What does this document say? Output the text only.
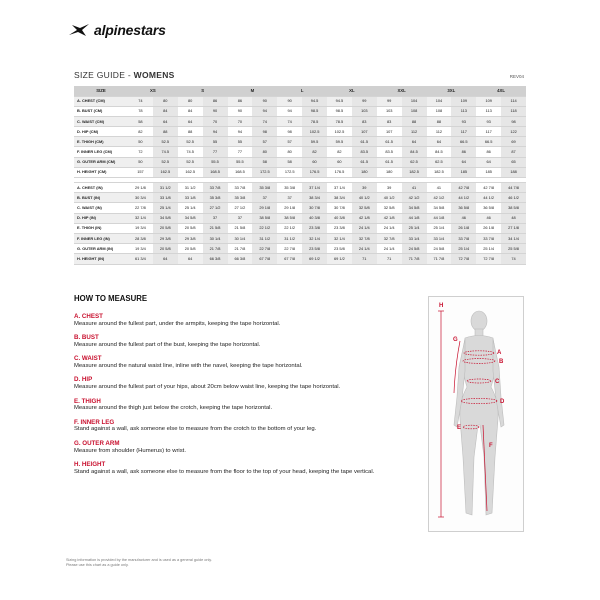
alpinestars
SIZE GUIDE - WOMENS	REV04
SIZE	XS		S		M		L		XL		XXL		3XL		4XL	
A. CHEST (CM)	74	80	80	86	86	90	90	94.5	94.5	99	99	104	104	109	109	114
B. BUST (CM)	78	84	84	90	90	94	94	98.5	98.5	103	103	108	108	113	113	118
C. WAIST (CM)	58	64	64	70	70	74	74	78.5	78.5	83	83	88	88	93	93	98
D. HIP (CM)	82	88	88	94	94	98	98	102.5	102.5	107	107	112	112	117	117	122
E. THIGH (CM)	50	52.5	52.5	55	55	57	57	59.5	59.5	61.5	61.5	64	64	66.5	66.5	69
F. INNER LEG (CM)	72	74.5	74.5	77	77	80	80	82	82	83.5	83.5	84.5	84.5	86	86	87
G. OUTER ARM (CM)	50	52.5	52.5	55.5	55.5	58	58	60	60	61.5	61.5	62.5	62.5	64	64	65
H. HEIGHT (CM)	157	162.5	162.5	168.5	168.5	172.5	172.5	176.5	176.5	180	180	182.5	182.5	185	185	188

A. CHEST (IN)	29 1/8	31 1/2	31 1/2	33 7/8	33 7/8	35 3/8	35 3/8	37 1/4	37 1/4	39	39	41	41	42 7/8	42 7/8	44 7/8
B. BUST (IN)	30 3/4	33 1/8	33 1/8	35 3/8	35 3/8	37	37	38 3/4	38 3/4	40 1/2	40 1/2	42 1/2	42 1/2	44 1/2	44 1/2	46 1/2
C. WAIST (IN)	22 7/8	25 1/4	25 1/4	27 1/2	27 1/2	29 1/8	29 1/8	30 7/8	30 7/8	32 5/8	32 5/8	34 5/8	34 5/8	36 5/8	36 5/8	38 5/8
D. HIP (IN)	32 1/4	34 5/8	34 5/8	37	37	38 5/8	38 5/8	40 3/8	40 3/8	42 1/8	42 1/8	44 1/8	44 1/8	46	46	48
E. THIGH (IN)	19 3/4	20 5/8	20 5/8	21 5/8	21 5/8	22 1/2	22 1/2	23 3/8	23 3/8	24 1/4	24 1/4	25 1/4	25 1/4	26 1/8	26 1/8	27 1/8
F. INNER LEG (IN)	28 3/8	29 3/8	29 3/8	30 1/4	30 1/4	31 1/2	31 1/2	32 1/4	32 1/4	32 7/8	32 7/8	33 1/4	33 1/4	33 7/8	33 7/8	34 1/4
G. OUTER ARM (IN)	19 3/4	20 5/8	20 5/8	21 7/8	21 7/8	22 7/8	22 7/8	23 5/8	23 5/8	24 1/4	24 1/4	24 5/8	24 5/8	25 1/4	25 1/4	25 5/8
H. HEIGHT (IN)	61 3/4	64	64	66 3/8	66 3/8	67 7/8	67 7/8	69 1/2	69 1/2	71	71	71 7/8	71 7/8	72 7/8	72 7/8	74
HOW TO MEASURE
A. CHEST
Measure around the fullest part, under the armpits, keeping the tape horizontal.
B. BUST
Measure around the fullest part of the bust, keeping the tape horizontal.
C. WAIST
Measure around the natural waist line, inline with the navel, keeping the tape horizontal.
D. HIP
Measure around the fullest part of your hips, about 20cm below waist line, keeping the tape horizontal.
E. THIGH
Measure around the thigh just below the crotch, keeping the tape horizontal.
F. INNER LEG
Stand against a wall, ask someone else to measure from the crotch to the bottom of your leg.
G. OUTER ARM
Measure from shoulder (Humerus) to wrist.
H. HEIGHT
Stand against a wall, ask someone else to measure from the floor to the top of your head, keeping the tape vertical.
H
G
A
B
C
D
E
F
Sizing information is provided by the manufacturer and is used as a general guide only.
Please use this chart as a guide only.
